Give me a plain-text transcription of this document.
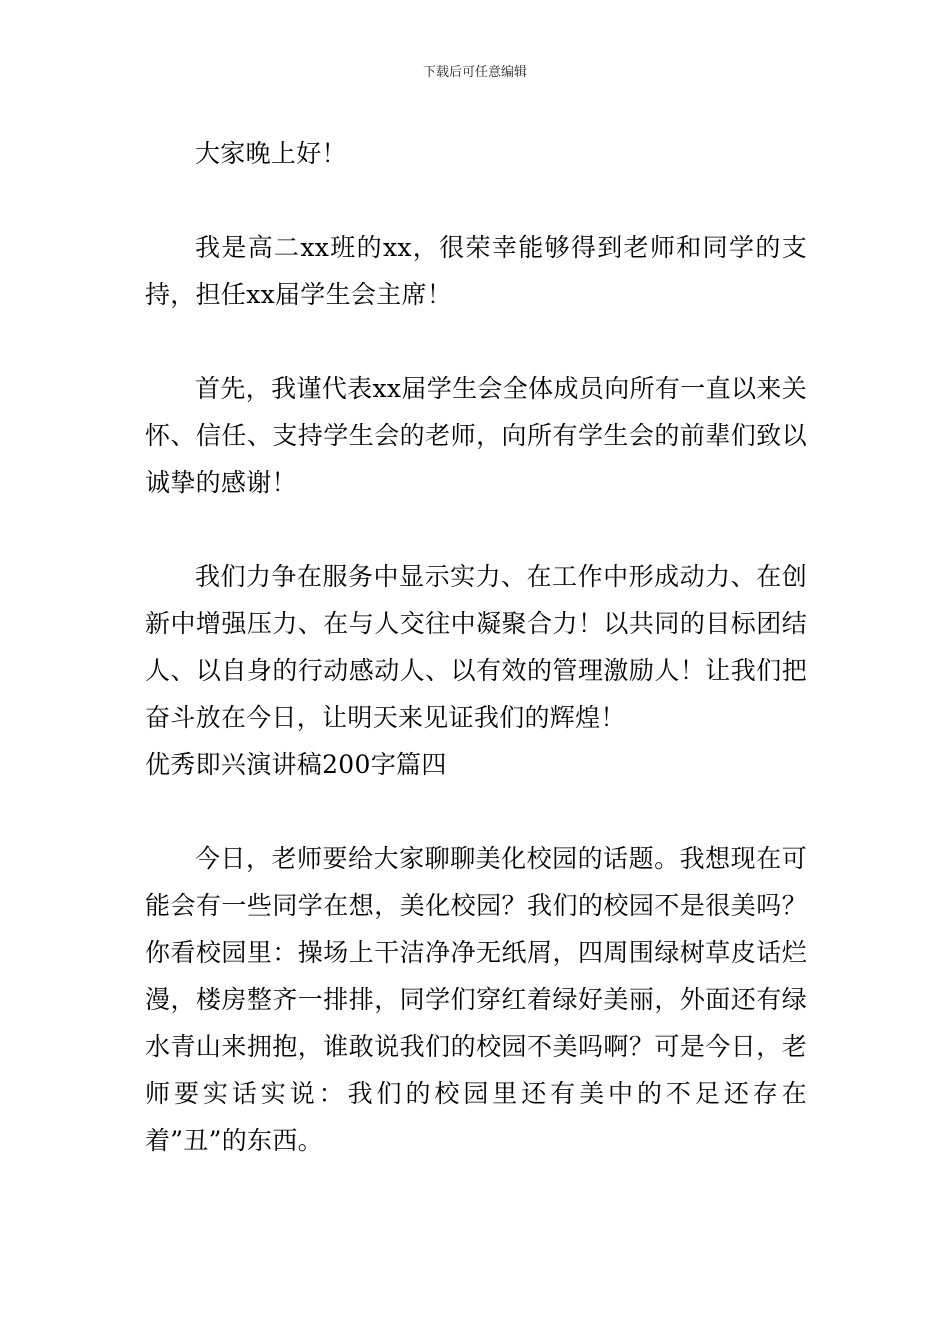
下载后可任意编辑

大家晚上好！

我是高二xx班的xx，很荣幸能够得到老师和同学的支持，担任xx届学生会主席！

首先，我谨代表xx届学生会全体成员向所有一直以来关怀、信任、支持学生会的老师，向所有学生会的前辈们致以诚挚的感谢！

我们力争在服务中显示实力、在工作中形成动力、在创新中增强压力、在与人交往中凝聚合力！以共同的目标团结人、以自身的行动感动人、以有效的管理激励人！让我们把奋斗放在今日，让明天来见证我们的辉煌！

优秀即兴演讲稿200字篇四

今日，老师要给大家聊聊美化校园的话题。我想现在可能会有一些同学在想，美化校园？我们的校园不是很美吗？你看校园里：操场上干洁净净无纸屑，四周围绿树草皮话烂漫，楼房整齐一排排，同学们穿红着绿好美丽，外面还有绿水青山来拥抱，谁敢说我们的校园不美吗啊？可是今日，老师要实话实说：我们的校园里还有美中的不足还存在着”丑”的东西。
